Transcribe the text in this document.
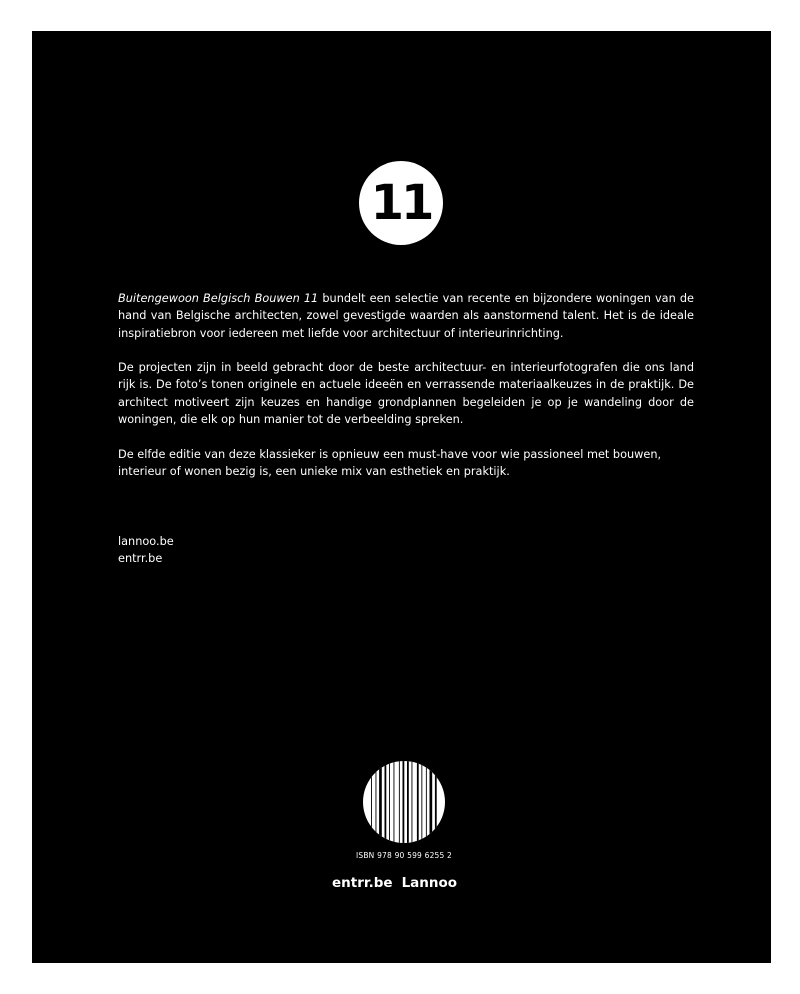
11

Buitengewoon Belgisch Bouwen 11 bundelt een selectie van recente en bijzondere woningen van de hand van Belgische architecten, zowel gevestigde waarden als aanstormend talent. Het is de ideale inspiratiebron voor iedereen met liefde voor architectuur of interieurinrichting.

De projecten zijn in beeld gebracht door de beste architectuur- en interieurfotografen die ons land rijk is. De foto’s tonen originele en actuele ideeën en verrassende materiaalkeuzes in de praktijk. De architect motiveert zijn keuzes en handige grondplannen begeleiden je op je wandeling door de woningen, die elk op hun manier tot de verbeelding spreken.

De elfde editie van deze klassieker is opnieuw een must-have voor wie passioneel met bouwen, interieur of wonen bezig is, een unieke mix van esthetiek en praktijk.

lannoo.be
entrr.be
ISBN 978 90 599 6255 2
entrr.be Lannoo
